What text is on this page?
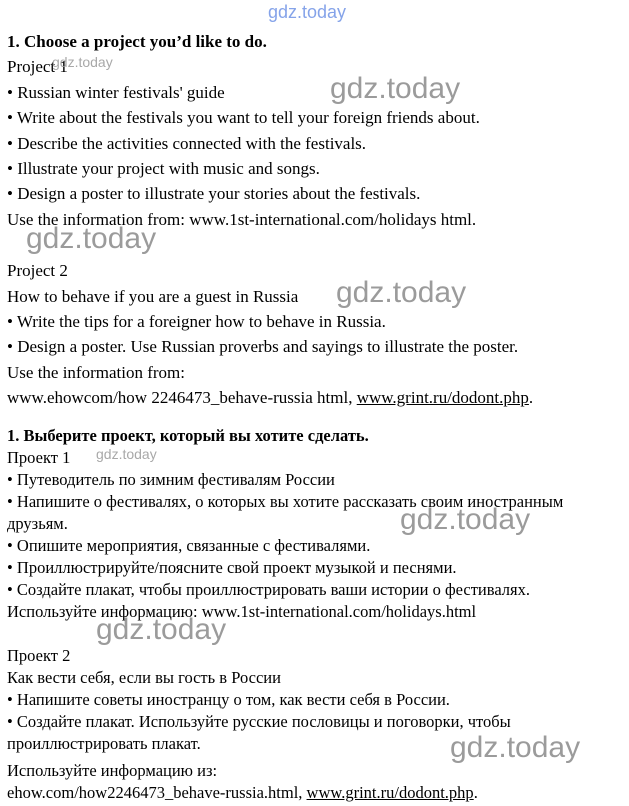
gdz.today
gdz.today
gdz.today
gdz.today
gdz.today
gdz.today
gdz.today
gdz.today
gdz.today

1. Choose a project you’d like to do.

Project 1

• Russian winter festivals' guide

• Write about the festivals you want to tell your foreign friends about.

• Describe the activities connected with the festivals.

• Illustrate your project with music and songs.

• Design a poster to illustrate your stories about the festivals.

Use the information from: www.1st-international.com/holidays html.

Project 2

How to behave if you are a guest in Russia

• Write the tips for a foreigner how to behave in Russia.

• Design a poster. Use Russian proverbs and sayings to illustrate the poster.

Use the information from:

www.ehowcom/how 2246473_behave-russia html, www.grint.ru/dodont.php.

1. Выберите проект, который вы хотите сделать.

Проект 1

• Путеводитель по зимним фестивалям России

• Напишите о фестивалях, о которых вы хотите рассказать своим иностранным друзьям.

• Опишите мероприятия, связанные с фестивалями.

• Проиллюстрируйте/поясните свой проект музыкой и песнями.

• Создайте плакат, чтобы проиллюстрировать ваши истории о фестивалях.

Используйте информацию: www.1st-international.com/holidays.html

Проект 2

Как вести себя, если вы гость в России

• Напишите советы иностранцу о том, как вести себя в России.

• Создайте плакат. Используйте русские пословицы и поговорки, чтобы проиллюстрировать плакат.

Используйте информацию из:

ehow.com/how2246473_behave-russia.html, www.grint.ru/dodont.php.
